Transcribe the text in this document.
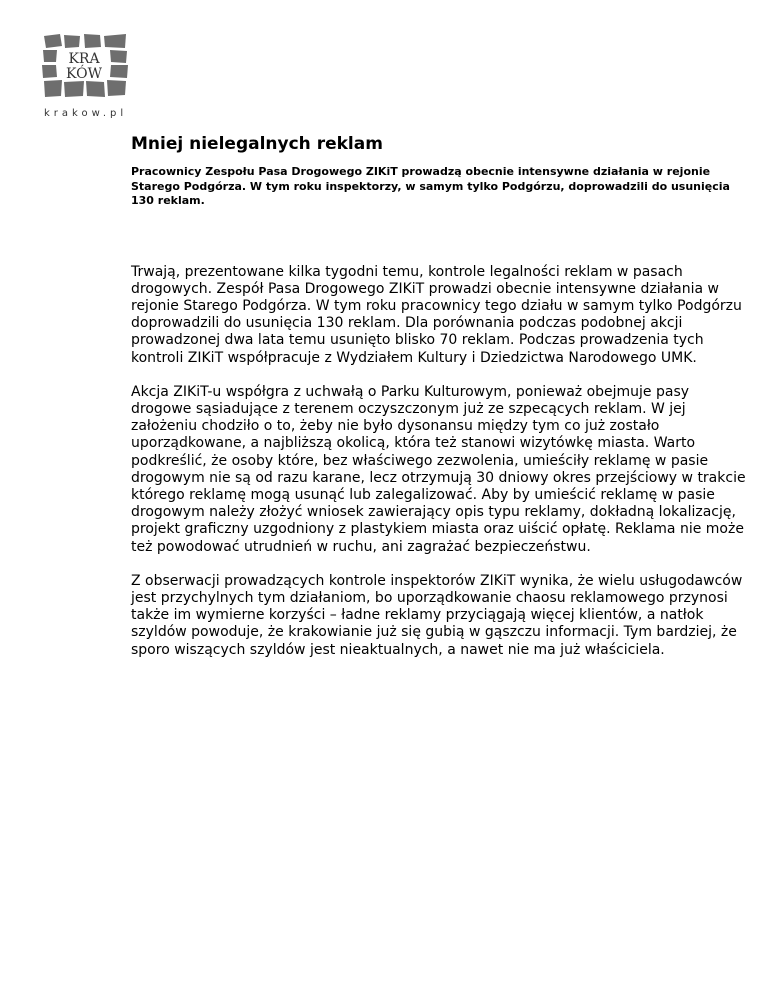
KRA
KÓW
krakow.pl
Mniej nielegalnych reklam

Pracownicy Zespołu Pasa Drogowego ZIKiT prowadzą obecnie intensywne działania w rejonie Starego Podgórza. W tym roku inspektorzy, w samym tylko Podgórzu, doprowadzili do usunięcia 130 reklam.

Trwają, prezentowane kilka tygodni temu, kontrole legalności reklam w pasach drogowych. Zespół Pasa Drogowego ZIKiT prowadzi obecnie intensywne działania w rejonie Starego Podgórza. W tym roku pracownicy tego działu w samym tylko Podgórzu doprowadzili do usunięcia 130 reklam. Dla porównania podczas podobnej akcji prowadzonej dwa lata temu usunięto blisko 70 reklam. Podczas prowadzenia tych kontroli ZIKiT współpracuje z Wydziałem Kultury i Dziedzictwa Narodowego UMK.

Akcja ZIKiT-u współgra z uchwałą o Parku Kulturowym, ponieważ obejmuje pasy drogowe sąsiadujące z terenem oczyszczonym już ze szpecących reklam. W jej założeniu chodziło o to, żeby nie było dysonansu między tym co już zostało uporządkowane, a najbliższą okolicą, która też stanowi wizytówkę miasta. Warto podkreślić, że osoby które, bez właściwego zezwolenia, umieściły reklamę w pasie drogowym nie są od razu karane, lecz otrzymują 30 dniowy okres przejściowy w trakcie którego reklamę mogą usunąć lub zalegalizować. Aby by umieścić reklamę w pasie drogowym należy złożyć wniosek zawierający opis typu reklamy, dokładną lokalizację, projekt graficzny uzgodniony z plastykiem miasta oraz uiścić opłatę. Reklama nie może też powodować utrudnień w ruchu, ani zagrażać bezpieczeństwu.

Z obserwacji prowadzących kontrole inspektorów ZIKiT wynika, że wielu usługodawców jest przychylnych tym działaniom, bo uporządkowanie chaosu reklamowego przynosi także im wymierne korzyści – ładne reklamy przyciągają więcej klientów, a natłok szyldów powoduje, że krakowianie już się gubią w gąszczu informacji. Tym bardziej, że sporo wiszących szyldów jest nieaktualnych, a nawet nie ma już właściciela.
